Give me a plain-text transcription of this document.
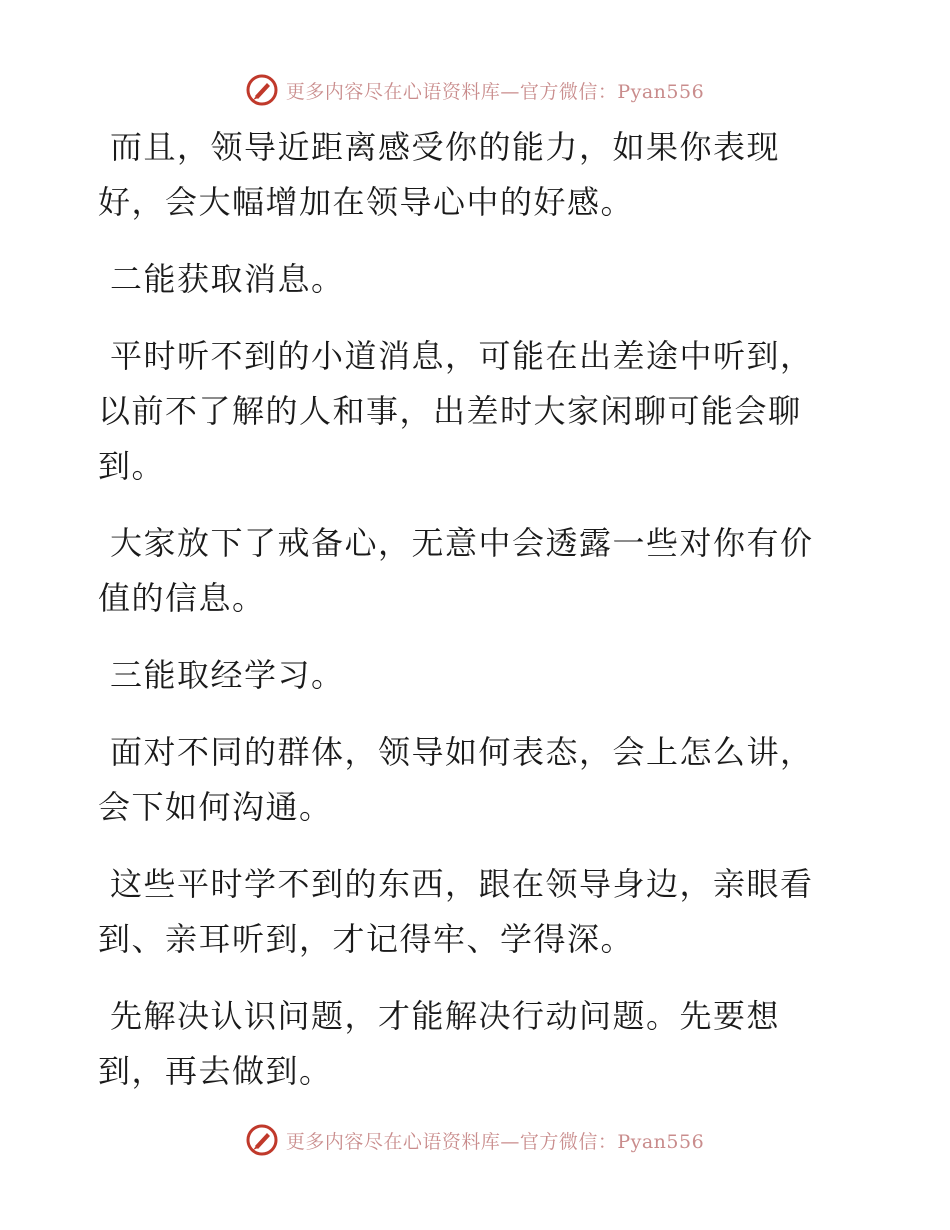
更多内容尽在心语资料库—官方微信：Pyan556

而且，领导近距离感受你的能力，如果你表现好，会大幅增加在领导心中的好感。

二能获取消息。

平时听不到的小道消息，可能在出差途中听到，以前不了解的人和事，出差时大家闲聊可能会聊到。

大家放下了戒备心，无意中会透露一些对你有价值的信息。

三能取经学习。

面对不同的群体，领导如何表态，会上怎么讲，会下如何沟通。

这些平时学不到的东西，跟在领导身边，亲眼看到、亲耳听到，才记得牢、学得深。

先解决认识问题，才能解决行动问题。先要想到，再去做到。

更多内容尽在心语资料库—官方微信：Pyan556
